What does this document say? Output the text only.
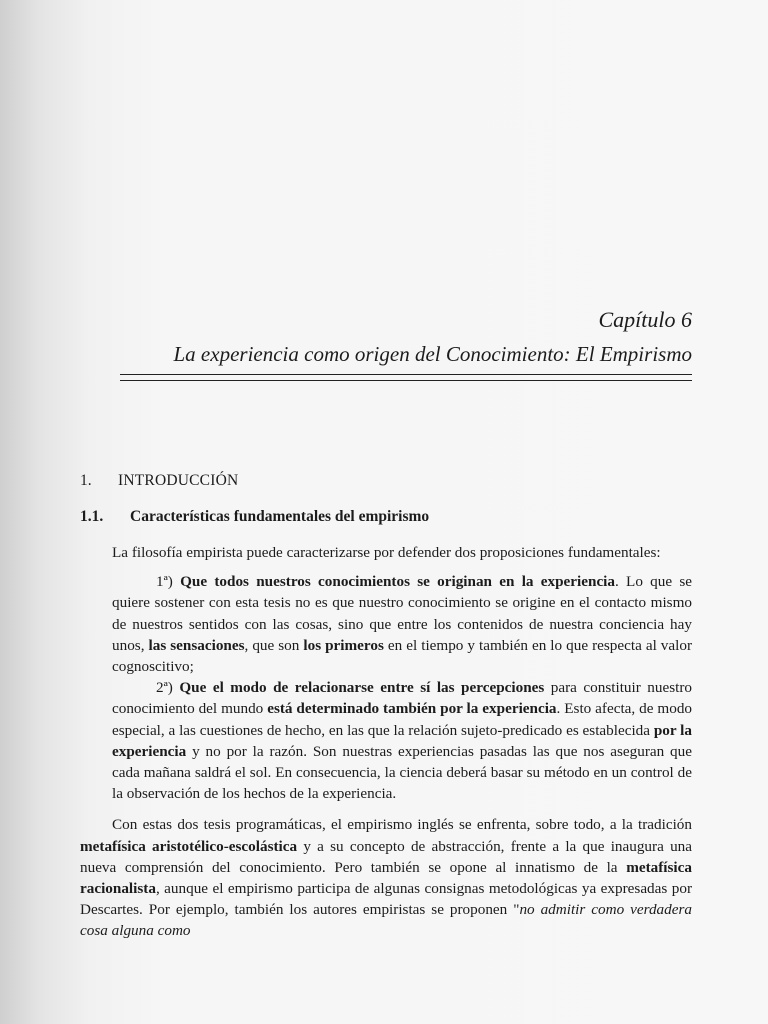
Capítulo 6

La experiencia como origen del Conocimiento: El Empirismo

1. INTRODUCCIÓN
1.1. Características fundamentales del empirismo

La filosofía empirista puede caracterizarse por defender dos proposiciones fundamentales:

1ª) Que todos nuestros conocimientos se originan en la experiencia. Lo que se quiere sostener con esta tesis no es que nuestro conocimiento se origine en el contacto mismo de nuestros sentidos con las cosas, sino que entre los contenidos de nuestra conciencia hay unos, las sensaciones, que son los primeros en el tiempo y también en lo que respecta al valor cognoscitivo;

2ª) Que el modo de relacionarse entre sí las percepciones para constituir nuestro conocimiento del mundo está determinado también por la experiencia. Esto afecta, de modo especial, a las cuestiones de hecho, en las que la relación sujeto-predicado es establecida por la experiencia y no por la razón. Son nuestras experiencias pasadas las que nos aseguran que cada mañana saldrá el sol. En consecuencia, la ciencia deberá basar su método en un control de la observación de los hechos de la experiencia.

Con estas dos tesis programáticas, el empirismo inglés se enfrenta, sobre todo, a la tradición metafísica aristotélico-escolástica y a su concepto de abstracción, frente a la que inaugura una nueva comprensión del conocimiento. Pero también se opone al innatismo de la metafísica racionalista, aunque el empirismo participa de algunas consignas metodológicas ya expresadas por Descartes. Por ejemplo, también los autores empiristas se proponen "no admitir como verdadera cosa alguna como
